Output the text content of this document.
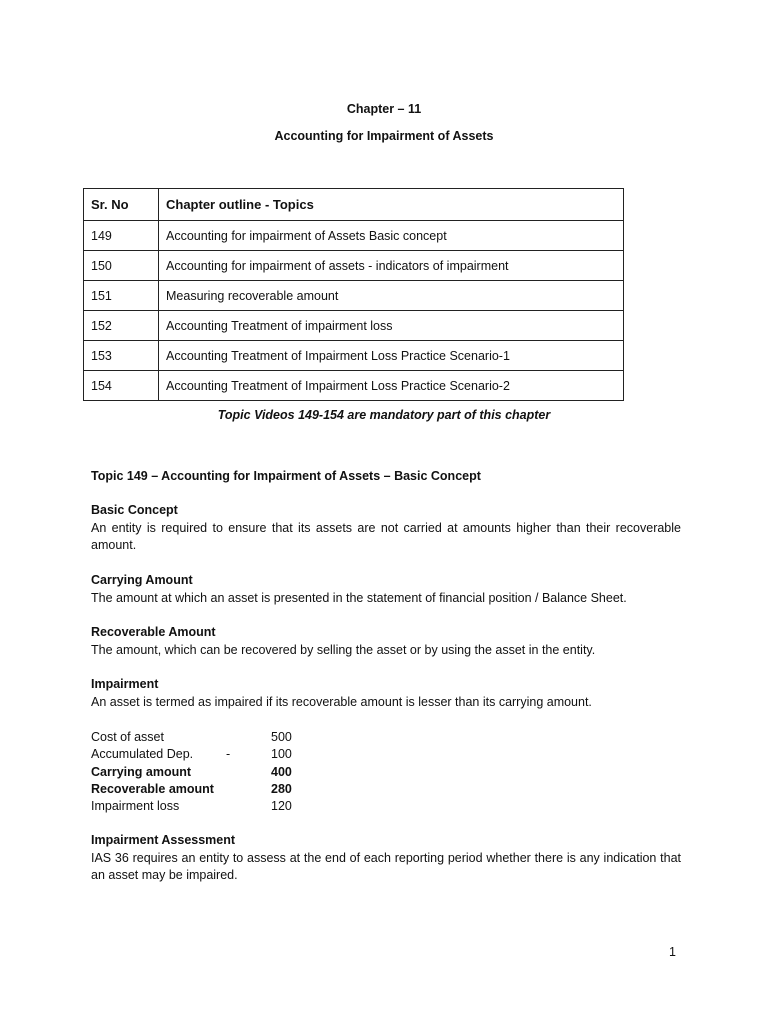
Chapter – 11
Accounting for Impairment of Assets
Sr. No	Chapter outline - Topics
149	Accounting for impairment of Assets Basic concept
150	Accounting for impairment of assets - indicators of impairment
151	Measuring recoverable amount
152	Accounting Treatment of impairment loss
153	Accounting Treatment of Impairment Loss Practice Scenario-1
154	Accounting Treatment of Impairment Loss Practice Scenario-2
Topic Videos 149-154 are mandatory part of this chapter
Topic 149 – Accounting for Impairment of Assets – Basic Concept
Basic Concept
An entity is required to ensure that its assets are not carried at amounts higher than their recoverable amount.
Carrying Amount
The amount at which an asset is presented in the statement of financial position / Balance Sheet.
Recoverable Amount
The amount, which can be recovered by selling the asset or by using the asset in the entity.
Impairment
An asset is termed as impaired if its recoverable amount is lesser than its carrying amount.
Cost of asset	500
Accumulated Dep.	-	100
Carrying amount	400
Recoverable amount	280
Impairment loss	120
Impairment Assessment
IAS 36 requires an entity to assess at the end of each reporting period whether there is any indication that an asset may be impaired.
1
